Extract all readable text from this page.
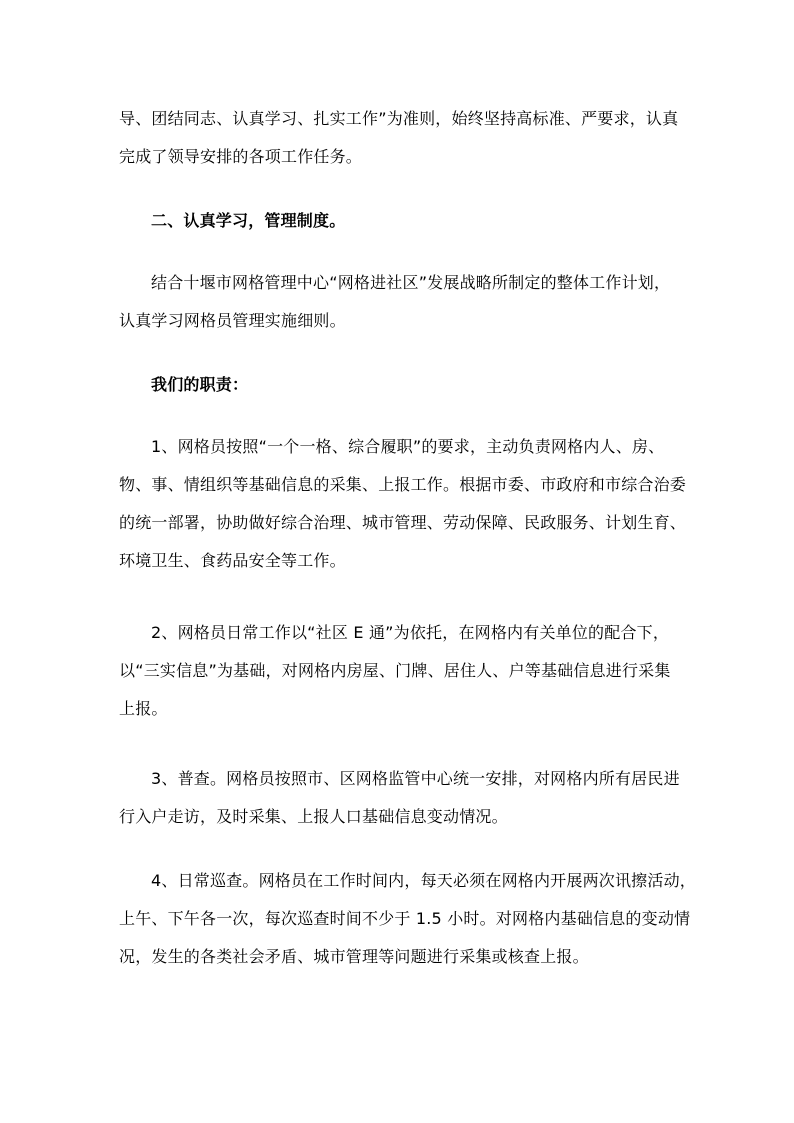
导、团结同志、认真学习、扎实工作”为准则，始终坚持高标准、严要求，认真
完成了领导安排的各项工作任务。
二、认真学习，管理制度。
结合十堰市网格管理中心“网格进社区”发展战略所制定的整体工作计划，
认真学习网格员管理实施细则。
我们的职责：
1、网格员按照“一个一格、综合履职”的要求，主动负责网格内人、房、
物、事、情组织等基础信息的采集、上报工作。根据市委、市政府和市综合治委
的统一部署，协助做好综合治理、城市管理、劳动保障、民政服务、计划生育、
环境卫生、食药品安全等工作。
2、网格员日常工作以“社区 E 通”为依托，在网格内有关单位的配合下，
以“三实信息”为基础，对网格内房屋、门牌、居住人、户等基础信息进行采集
上报。
3、普查。网格员按照市、区网格监管中心统一安排，对网格内所有居民进
行入户走访，及时采集、上报人口基础信息变动情况。
4、日常巡查。网格员在工作时间内，每天必须在网格内开展两次讯擦活动，
上午、下午各一次，每次巡查时间不少于 1.5 小时。对网格内基础信息的变动情
况，发生的各类社会矛盾、城市管理等问题进行采集或核查上报。
